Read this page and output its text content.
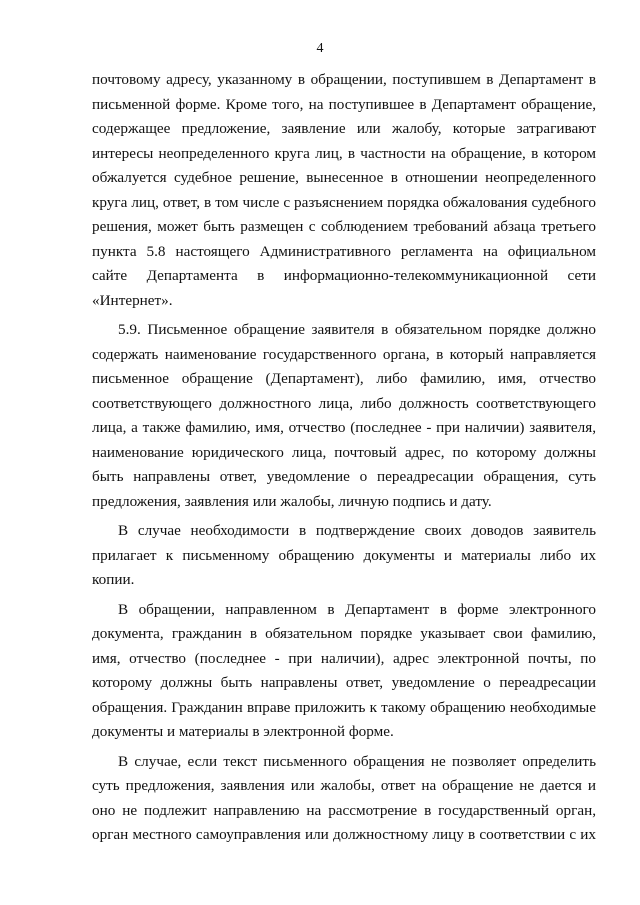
4
почтовому адресу, указанному в обращении, поступившем в Департамент в
письменной форме. Кроме того, на поступившее в Департамент обращение,
содержащее предложение, заявление или жалобу, которые затрагивают
интересы неопределенного круга лиц, в частности на обращение, в котором
обжалуется судебное решение, вынесенное в отношении неопределенного
круга лиц, ответ, в том числе с разъяснением порядка обжалования судебного
решения, может быть размещен с соблюдением требований абзаца третьего
пункта 5.8 настоящего Административного регламента на официальном
сайте Департамента в информационно-телекоммуникационной сети
«Интернет».
5.9. Письменное обращение заявителя в обязательном порядке должно
содержать наименование государственного органа, в который направляется
письменное обращение (Департамент), либо фамилию, имя, отчество
соответствующего должностного лица, либо должность соответствующего
лица, а также фамилию, имя, отчество (последнее - при наличии) заявителя,
наименование юридического лица, почтовый адрес, по которому должны
быть направлены ответ, уведомление о переадресации обращения, суть
предложения, заявления или жалобы, личную подпись и дату.
В случае необходимости в подтверждение своих доводов заявитель
прилагает к письменному обращению документы и материалы либо их
копии.
В обращении, направленном в Департамент в форме электронного
документа, гражданин в обязательном порядке указывает свои фамилию,
имя, отчество (последнее - при наличии), адрес электронной почты, по
которому должны быть направлены ответ, уведомление о переадресации
обращения. Гражданин вправе приложить к такому обращению необходимые
документы и материалы в электронной форме.
В случае, если текст письменного обращения не позволяет определить
суть предложения, заявления или жалобы, ответ на обращение не дается и
оно не подлежит направлению на рассмотрение в государственный орган,
орган местного самоуправления или должностному лицу в соответствии с их
